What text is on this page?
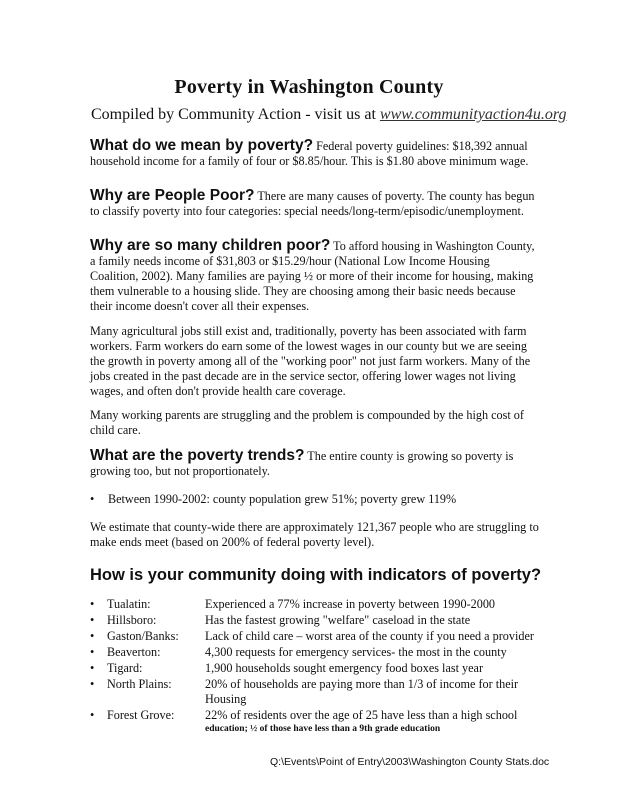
Poverty in Washington County
Compiled by Community Action - visit us at www.communityaction4u.org

What do we mean by poverty? Federal poverty guidelines: $18,392 annual household income for a family of four or $8.85/hour. This is $1.80 above minimum wage.

Why are People Poor? There are many causes of poverty. The county has begun to classify poverty into four categories: special needs/long-term/episodic/unemployment.

Why are so many children poor? To afford housing in Washington County, a family needs income of $31,803 or $15.29/hour (National Low Income Housing Coalition, 2002). Many families are paying ½ or more of their income for housing, making them vulnerable to a housing slide. They are choosing among their basic needs because their income doesn't cover all their expenses.

Many agricultural jobs still exist and, traditionally, poverty has been associated with farm workers. Farm workers do earn some of the lowest wages in our county but we are seeing the growth in poverty among all of the "working poor" not just farm workers. Many of the jobs created in the past decade are in the service sector, offering lower wages not living wages, and often don't provide health care coverage.

Many working parents are struggling and the problem is compounded by the high cost of child care.

What are the poverty trends? The entire county is growing so poverty is growing too, but not proportionately.

• Between 1990-2002: county population grew 51%; poverty grew 119%

We estimate that county-wide there are approximately 121,367 people who are struggling to make ends meet (based on 200% of federal poverty level).

How is your community doing with indicators of poverty?
•	Tualatin:	Experienced a 77% increase in poverty between 1990-2000
•	Hillsboro:	Has the fastest growing "welfare" caseload in the state
•	Gaston/Banks:	Lack of child care – worst area of the county if you need a provider
•	Beaverton:	4,300 requests for emergency services- the most in the county
•	Tigard:	1,900 households sought emergency food boxes last year
•	North Plains:	20% of households are paying more than 1/3 of income for their Housing
•	Forest Grove:	22% of residents over the age of 25 have less than a high school
education; ½ of those have less than a 9th grade education
Q:\Events\Point of Entry\2003\Washington County Stats.doc
